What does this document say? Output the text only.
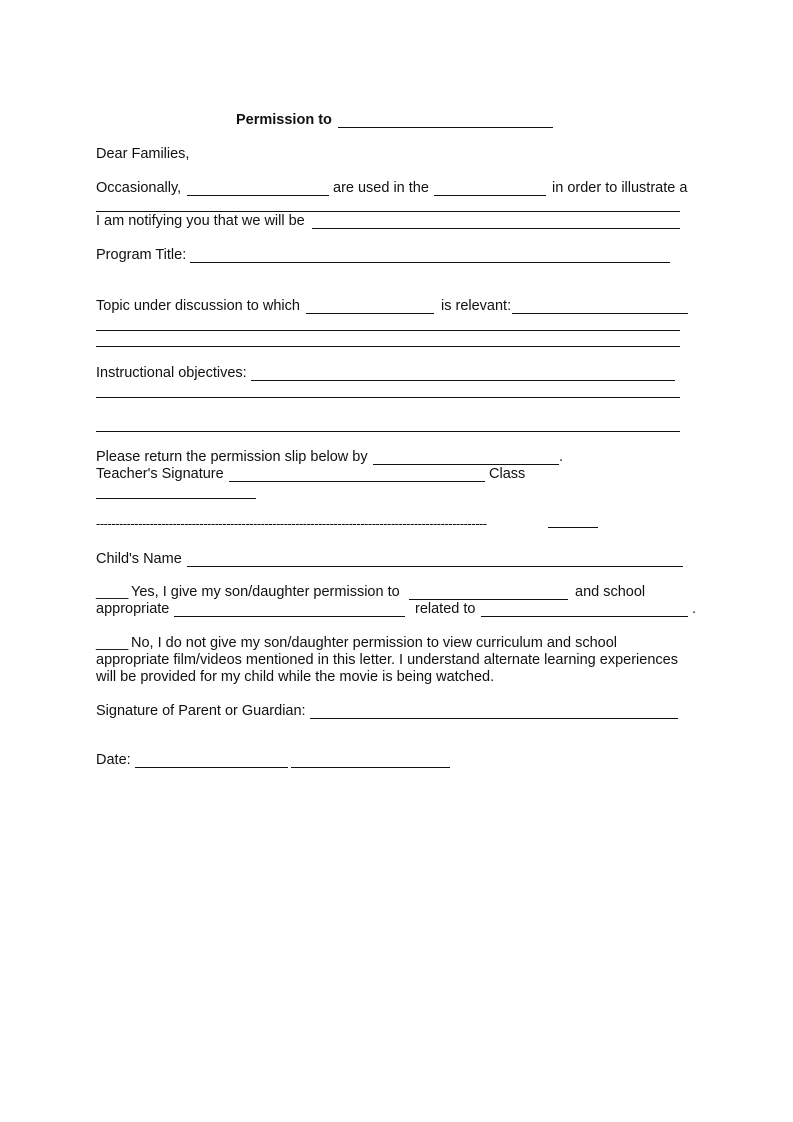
Permission to
Dear Families,
Occasionally,	are used in the	in order to illustrate a
I am notifying you that we will be
Program Title:
Topic under discussion to which	is relevant:
Instructional objectives:
Please return the permission slip below by	.
Teacher's Signature	Class
------------------------------------------------------------------------------------------------------
Child's Name
____ Yes, I give my son/daughter permission to	and school
appropriate	related to	.
____ No, I do not give my son/daughter permission to view curriculum and school
appropriate film/videos mentioned in this letter. I understand alternate learning experiences
will be provided for my child while the movie is being watched.
Signature of Parent or Guardian:
Date:
